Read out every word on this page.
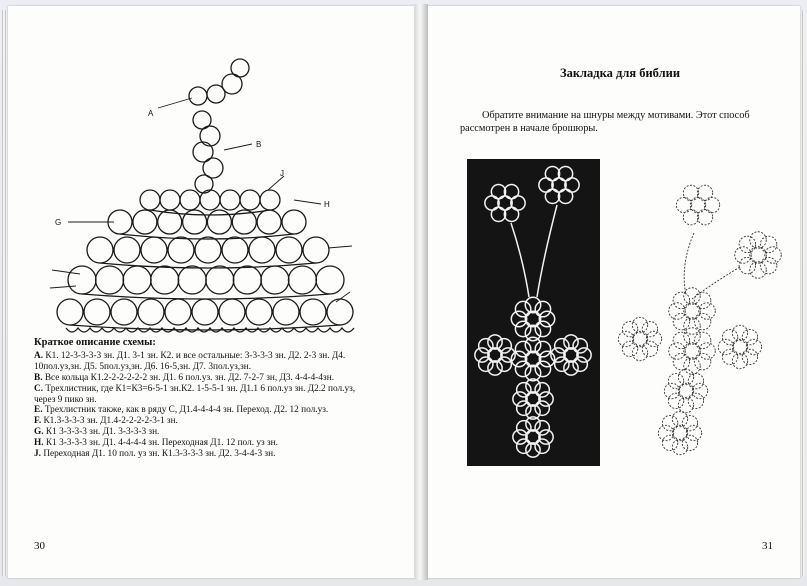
A
B
J
H
G
Краткое описание схемы:

A. К1. 12-3-3-3-3 зн. Д1. 3-1 зн. К2. и все остальные: 3-3-3-3 зн. Д2. 2-3 зн. Д4. 10пол.уз,зн. Д5. 5пол.уз,зн. Д6. 16-5,зн. Д7. 3пол.уз,зн.

B. Все кольца К1.2-2-2-2-2-2 зн. Д1. 6 пол.уз. зн. Д2. 7-2-7 зн, Д3. 4-4-4-4зн.

C. Трехлистник, где К1=К3=6-5-1 зн.К2. 1-5-5-1 зн. Д1.1 6 пол.уз зн. Д2.2 пол.уз, через 9 пико зн.

E. Трехлистник также, как в ряду С, Д1.4-4-4-4 зн. Переход. Д2. 12 пол.уз.

F. К1.3-3-3-3 зн. Д1.4-2-2-2-2-3-1 зн.

G. К1 3-3-3-3 зн. Д1. 3-3-3-3 зн.

H. К1 3-3-3-3 зн. Д1. 4-4-4-4 зн. Переходная Д1. 12 пол. уз зн.

J. Переходная Д1. 10 пол. уз зн. К1.3-3-3-3 зн. Д2. 3-4-4-3 зн.

30
Закладка для библии
Обратите внимание на шнуры между мотивами. Этот способ рассмотрен в начале брошюры.
31
